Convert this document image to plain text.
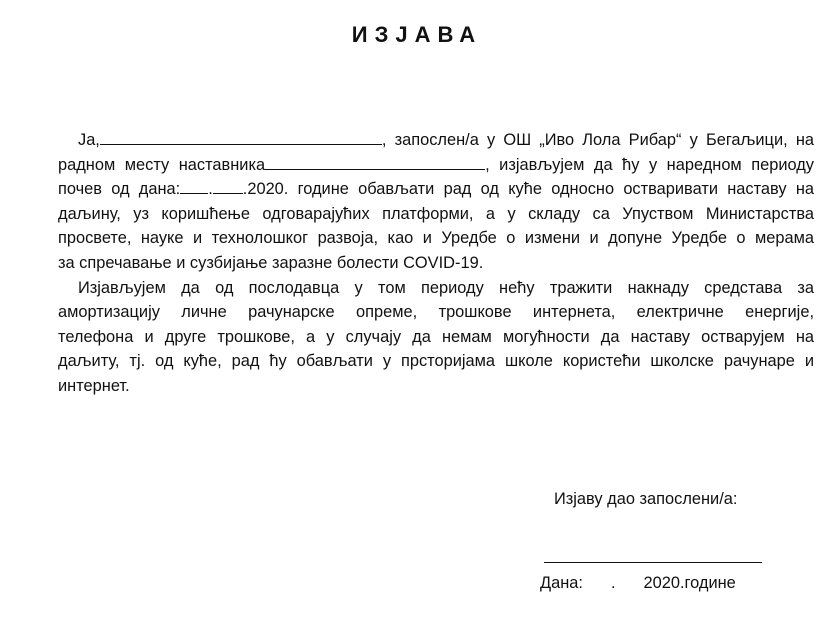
ИЗЈАВА
Ја,	, запослен/а у ОШ „Иво Лола Рибар“ у Бегаљици, на
радном месту наставника	, изјављујем да ћу у наредном периоду
почев од дана: . .2020. године обављати рад од куће односно остваривати наставу на
даљину, уз коришћење одговарајућих платформи, а у складу са Упуством Министарства
просвете, науке и технолошког развоја, као и Уредбе о измени и допуне Уредбе о мерама
за спречавање и сузбијање заразне болести COVID-19.
Изјављујем да од послодавца у том периоду нећу тражити накнаду средстава за
амортизацију личне рачунарске опреме, трошкове интернета, електричне енергије,
телефона и друге трошкове, а у случају да немам могућности да наставу остварујем на
даљиту, тј. од куће, рад ћу обављати у прсторијама школе користећи школске рачунаре и
интернет.
Изјаву дао запослени/а:
Дана: . 2020.године
